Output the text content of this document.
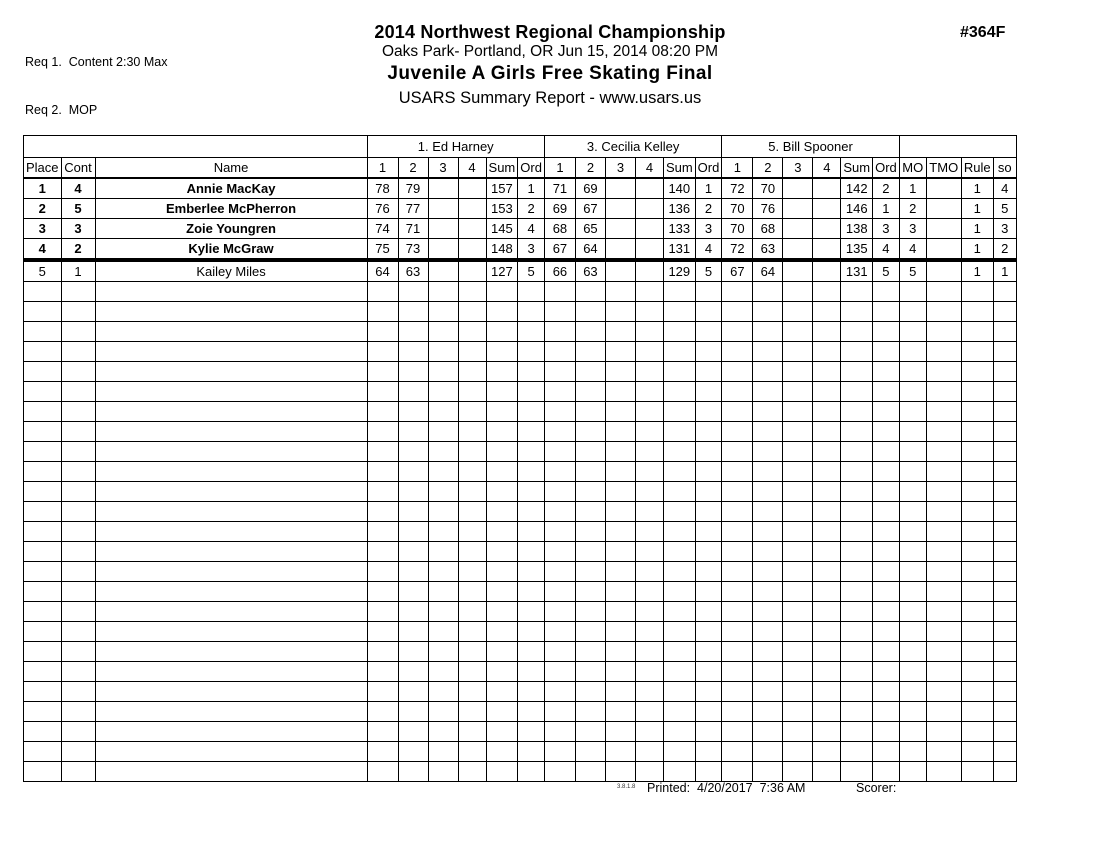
Req 1.  Content 2:30 Max

Req 2.  MOP

2014 Northwest Regional Championship
Oaks Park- Portland, OR Jun 15, 2014 08:20 PM
Juvenile A Girls Free Skating Final
USARS Summary Report - www.usars.us
#364F
			1. Ed Harney						3. Cecilia Kelley						5. Bill Spooner									
Place	Cont	Name	1	2	3	4	Sum	Ord	1	2	3	4	Sum	Ord	1	2	3	4	Sum	Ord	MO	TMO	Rule	so
1	4	Annie MacKay	78	79			157	1	71	69			140	1	72	70			142	2	1		1	4
2	5	Emberlee McPherron	76	77			153	2	69	67			136	2	70	76			146	1	2		1	5
3	3	Zoie Youngren	74	71			145	4	68	65			133	3	70	68			138	3	3		1	3
4	2	Kylie McGraw	75	73			148	3	67	64			131	4	72	63			135	4	4		1	2
5	1	Kailey Miles	64	63			127	5	66	63			129	5	67	64			131	5	5		1	1

3.8.1.8 Printed:  4/20/2017  7:36 AM	Scorer:
